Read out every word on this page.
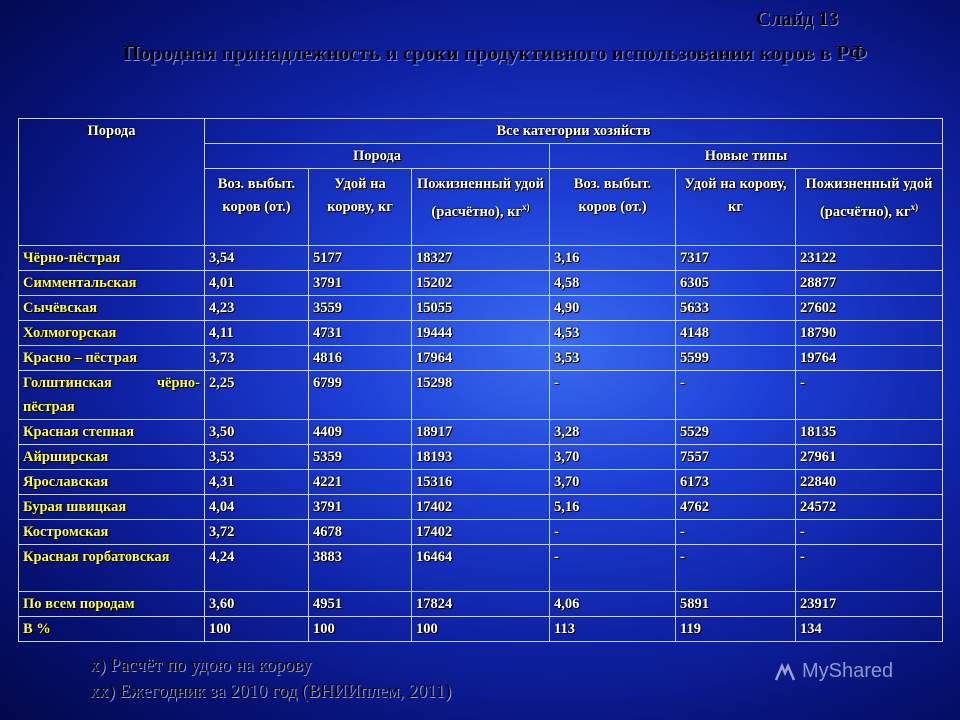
Слайд 13
Породная принадлежность и сроки продуктивного использования коров в РФ
Порода	Все категории хозяйств					
	Порода			Новые типы		
	Воз. выбыт. коров (от.)	Удой на корову, кг	Пожизненный удой (расчётно), $кг^{x)}$	Воз. выбыт. коров (от.)	Удой на корову, кг	Пожизненный удой (расчётно), $кг^{x)}$
Чёрно-пёстрая	3,54	5177	18327	3,16	7317	23122
Симментальская	4,01	3791	15202	4,58	6305	28877
Сычёвская	4,23	3559	15055	4,90	5633	27602
Холмогорская	4,11	4731	19444	4,53	4148	18790
Красно – пёстрая	3,73	4816	17964	3,53	5599	19764
Голштинская чёрно-пёстрая	2,25	6799	15298	-	-	-
Красная степная	3,50	4409	18917	3,28	5529	18135
Айрширская	3,53	5359	18193	3,70	7557	27961
Ярославская	4,31	4221	15316	3,70	6173	22840
Бурая швицкая	4,04	3791	17402	5,16	4762	24572
Костромская	3,72	4678	17402	-	-	-
Красная горбатовская	4,24	3883	16464	-	-	-
По всем породам	3,60	4951	17824	4,06	5891	23917
В %	100	100	100	113	119	134
х) Расчёт по удою на корову
хх) Ежегодник за 2010 год (ВНИИплем, 2011)
MyShared
